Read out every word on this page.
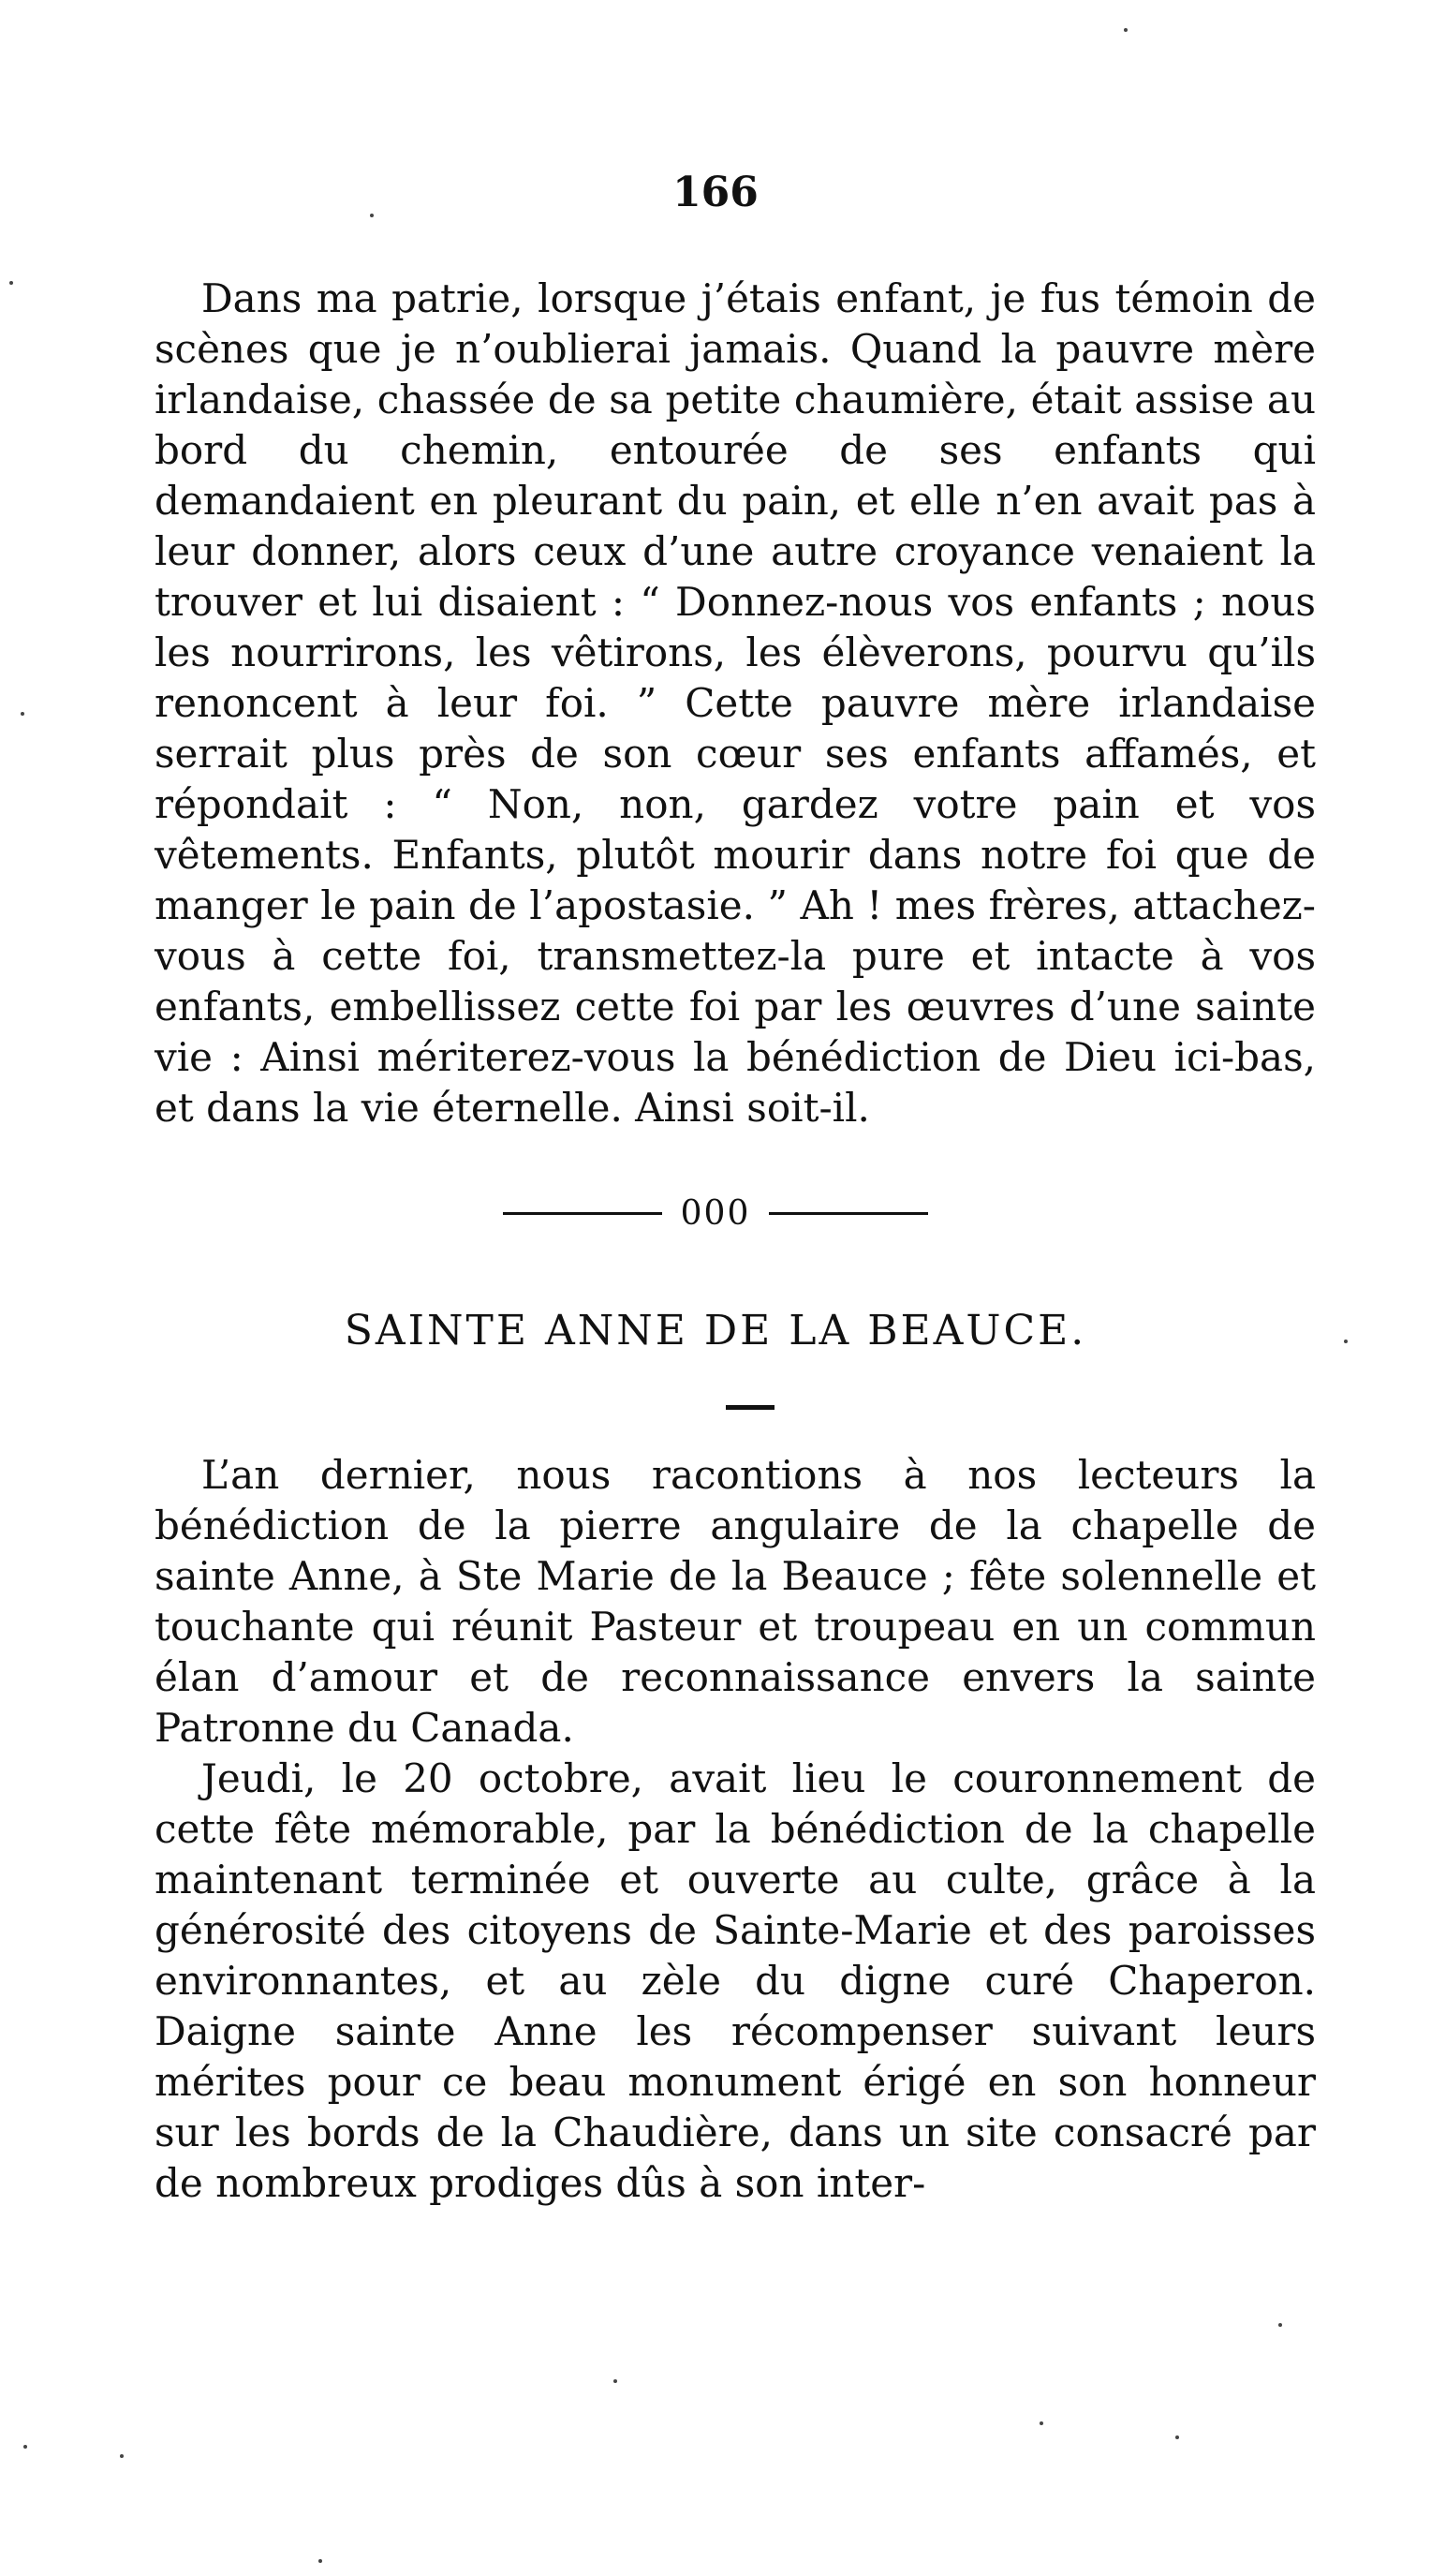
166

Dans ma patrie, lorsque j’étais enfant, je fus témoin de scènes que je n’oublierai jamais. Quand la pauvre mère irlandaise, chassée de sa petite chaumière, était assise au bord du chemin, entourée de ses enfants qui demandaient en pleurant du pain, et elle n’en avait pas à leur donner, alors ceux d’une autre croyance venaient la trouver et lui disaient : “ Donnez-nous vos enfants ; nous les nourrirons, les vêtirons, les élèverons, pourvu qu’ils renoncent à leur foi. ” Cette pauvre mère irlandaise serrait plus près de son cœur ses enfants affamés, et répondait : “ Non, non, gardez votre pain et vos vêtements. Enfants, plutôt mourir dans notre foi que de manger le pain de l’apostasie. ” Ah ! mes frères, attachez-vous à cette foi, transmettez-la pure et intacte à vos enfants, embellissez cette foi par les œuvres d’une sainte vie : Ainsi mériterez-vous la bénédiction de Dieu ici-bas, et dans la vie éternelle. Ainsi soit-il.

000
SAINTE ANNE DE LA BEAUCE.

L’an dernier, nous racontions à nos lecteurs la bénédiction de la pierre angulaire de la chapelle de sainte Anne, à Ste Marie de la Beauce ; fête solennelle et touchante qui réunit Pasteur et troupeau en un commun élan d’amour et de reconnaissance envers la sainte Patronne du Canada.

Jeudi, le 20 octobre, avait lieu le couronnement de cette fête mémorable, par la bénédiction de la chapelle maintenant terminée et ouverte au culte, grâce à la générosité des citoyens de Sainte-Marie et des paroisses environnantes, et au zèle du digne curé Chaperon. Daigne sainte Anne les récompenser suivant leurs mérites pour ce beau monument érigé en son honneur sur les bords de la Chaudière, dans un site consacré par de nombreux prodiges dûs à son inter-
